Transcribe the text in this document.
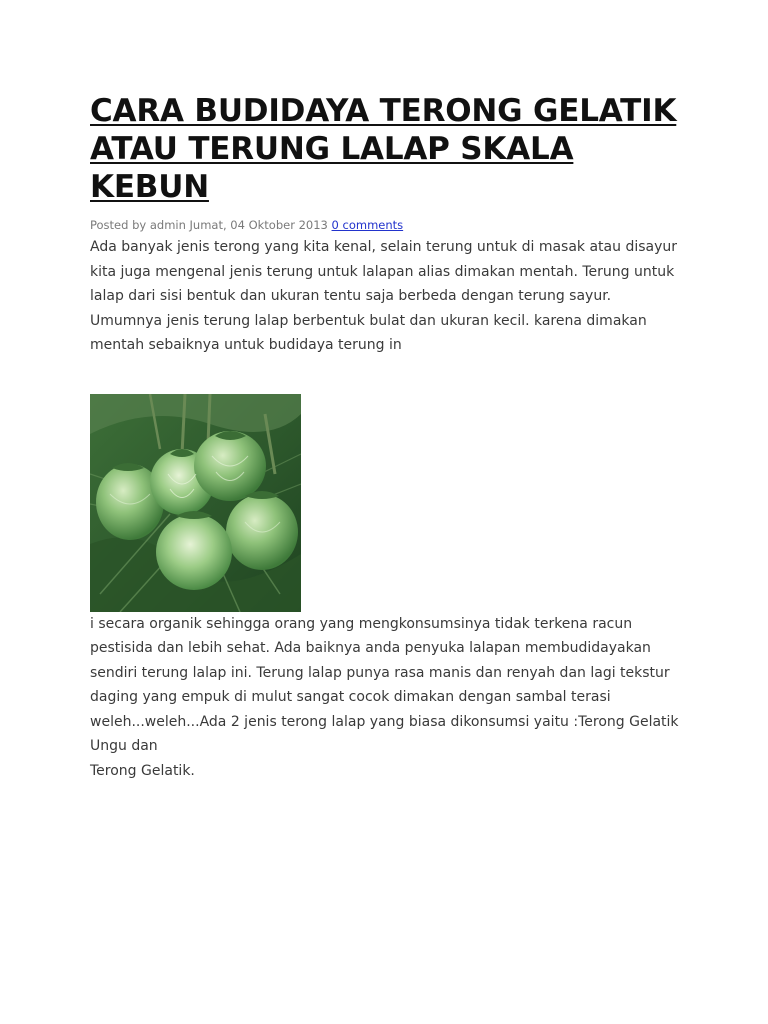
CARA BUDIDAYA TERONG GELATIK ATAU TERUNG LALAP SKALA KEBUN
Posted by admin Jumat, 04 Oktober 2013 0 comments

Ada banyak jenis terong yang kita kenal, selain terung untuk di masak atau disayur kita juga mengenal jenis terung untuk lalapan alias dimakan mentah. Terung untuk lalap dari sisi bentuk dan ukuran tentu saja berbeda dengan terung sayur. Umumnya jenis terung lalap berbentuk bulat dan ukuran kecil. karena dimakan mentah sebaiknya untuk budidaya terung in

i secara organik sehingga orang yang mengkonsumsinya tidak terkena racun pestisida dan lebih sehat. Ada baiknya anda penyuka lalapan membudidayakan sendiri terung lalap ini. Terung lalap punya rasa manis dan renyah dan lagi tekstur daging yang empuk di mulut sangat cocok dimakan dengan sambal terasi weleh...weleh...Ada 2 jenis terong lalap yang biasa dikonsumsi yaitu :Terong Gelatik Ungu dan

Terong Gelatik.
